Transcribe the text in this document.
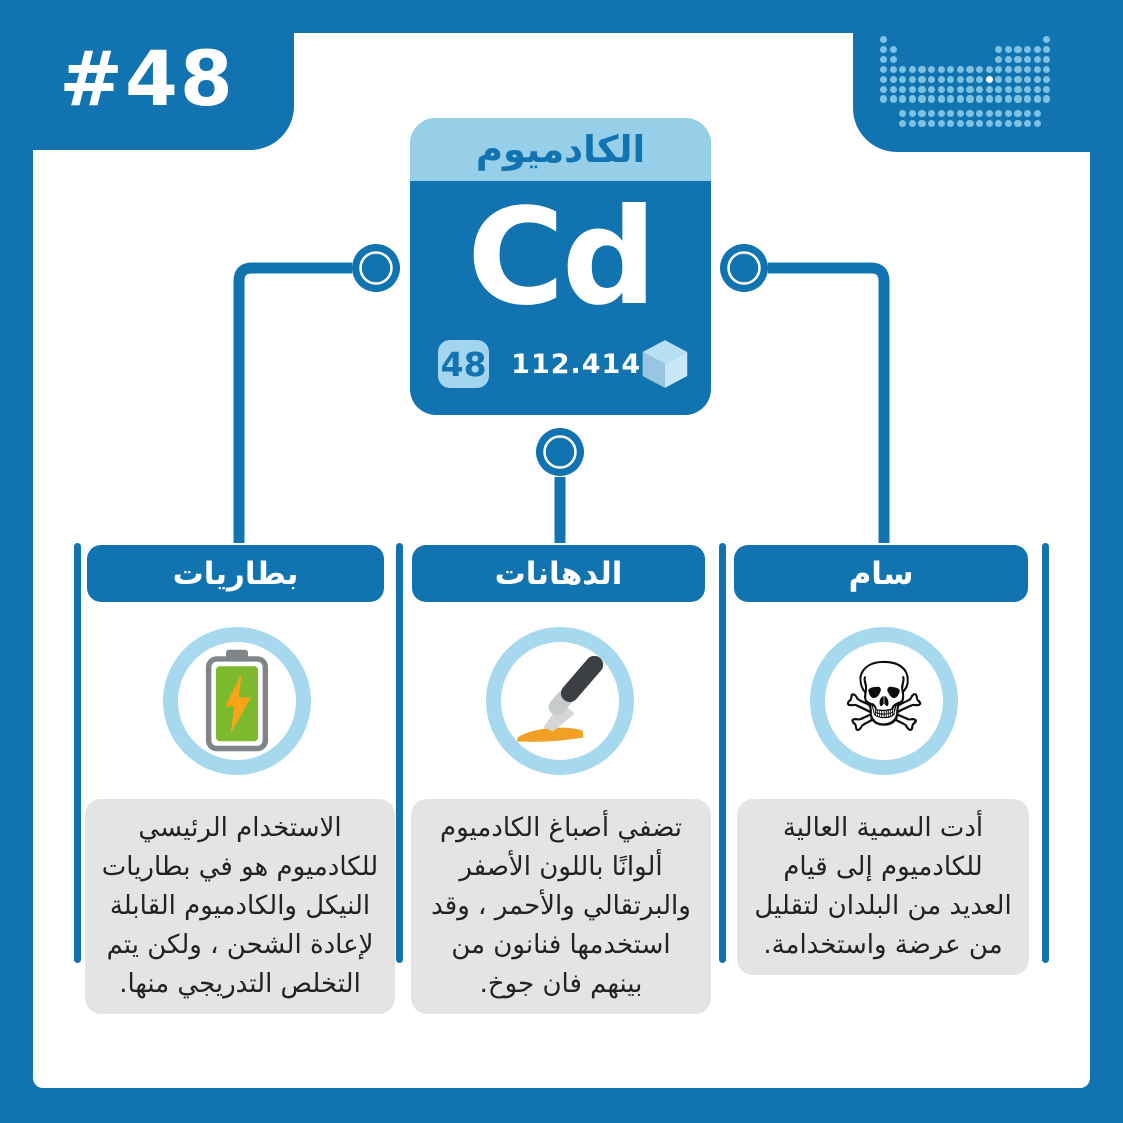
#48
الكادميوم
Cd
48 112.414
بطاريات	الدهانات	سام
☠
الاستخدام الرئيسي للكادميوم هو في بطاريات النيكل والكادميوم القابلة لإعادة الشحن ، ولكن يتم التخلص التدريجي منها.
تضفي أصباغ الكادميوم ألوانًا باللون الأصفر والبرتقالي والأحمر ، وقد استخدمها فنانون من بينهم فان جوخ.
أدت السمية العالية للكادميوم إلى قيام العديد من البلدان لتقليل من عرضة واستخدامة.
